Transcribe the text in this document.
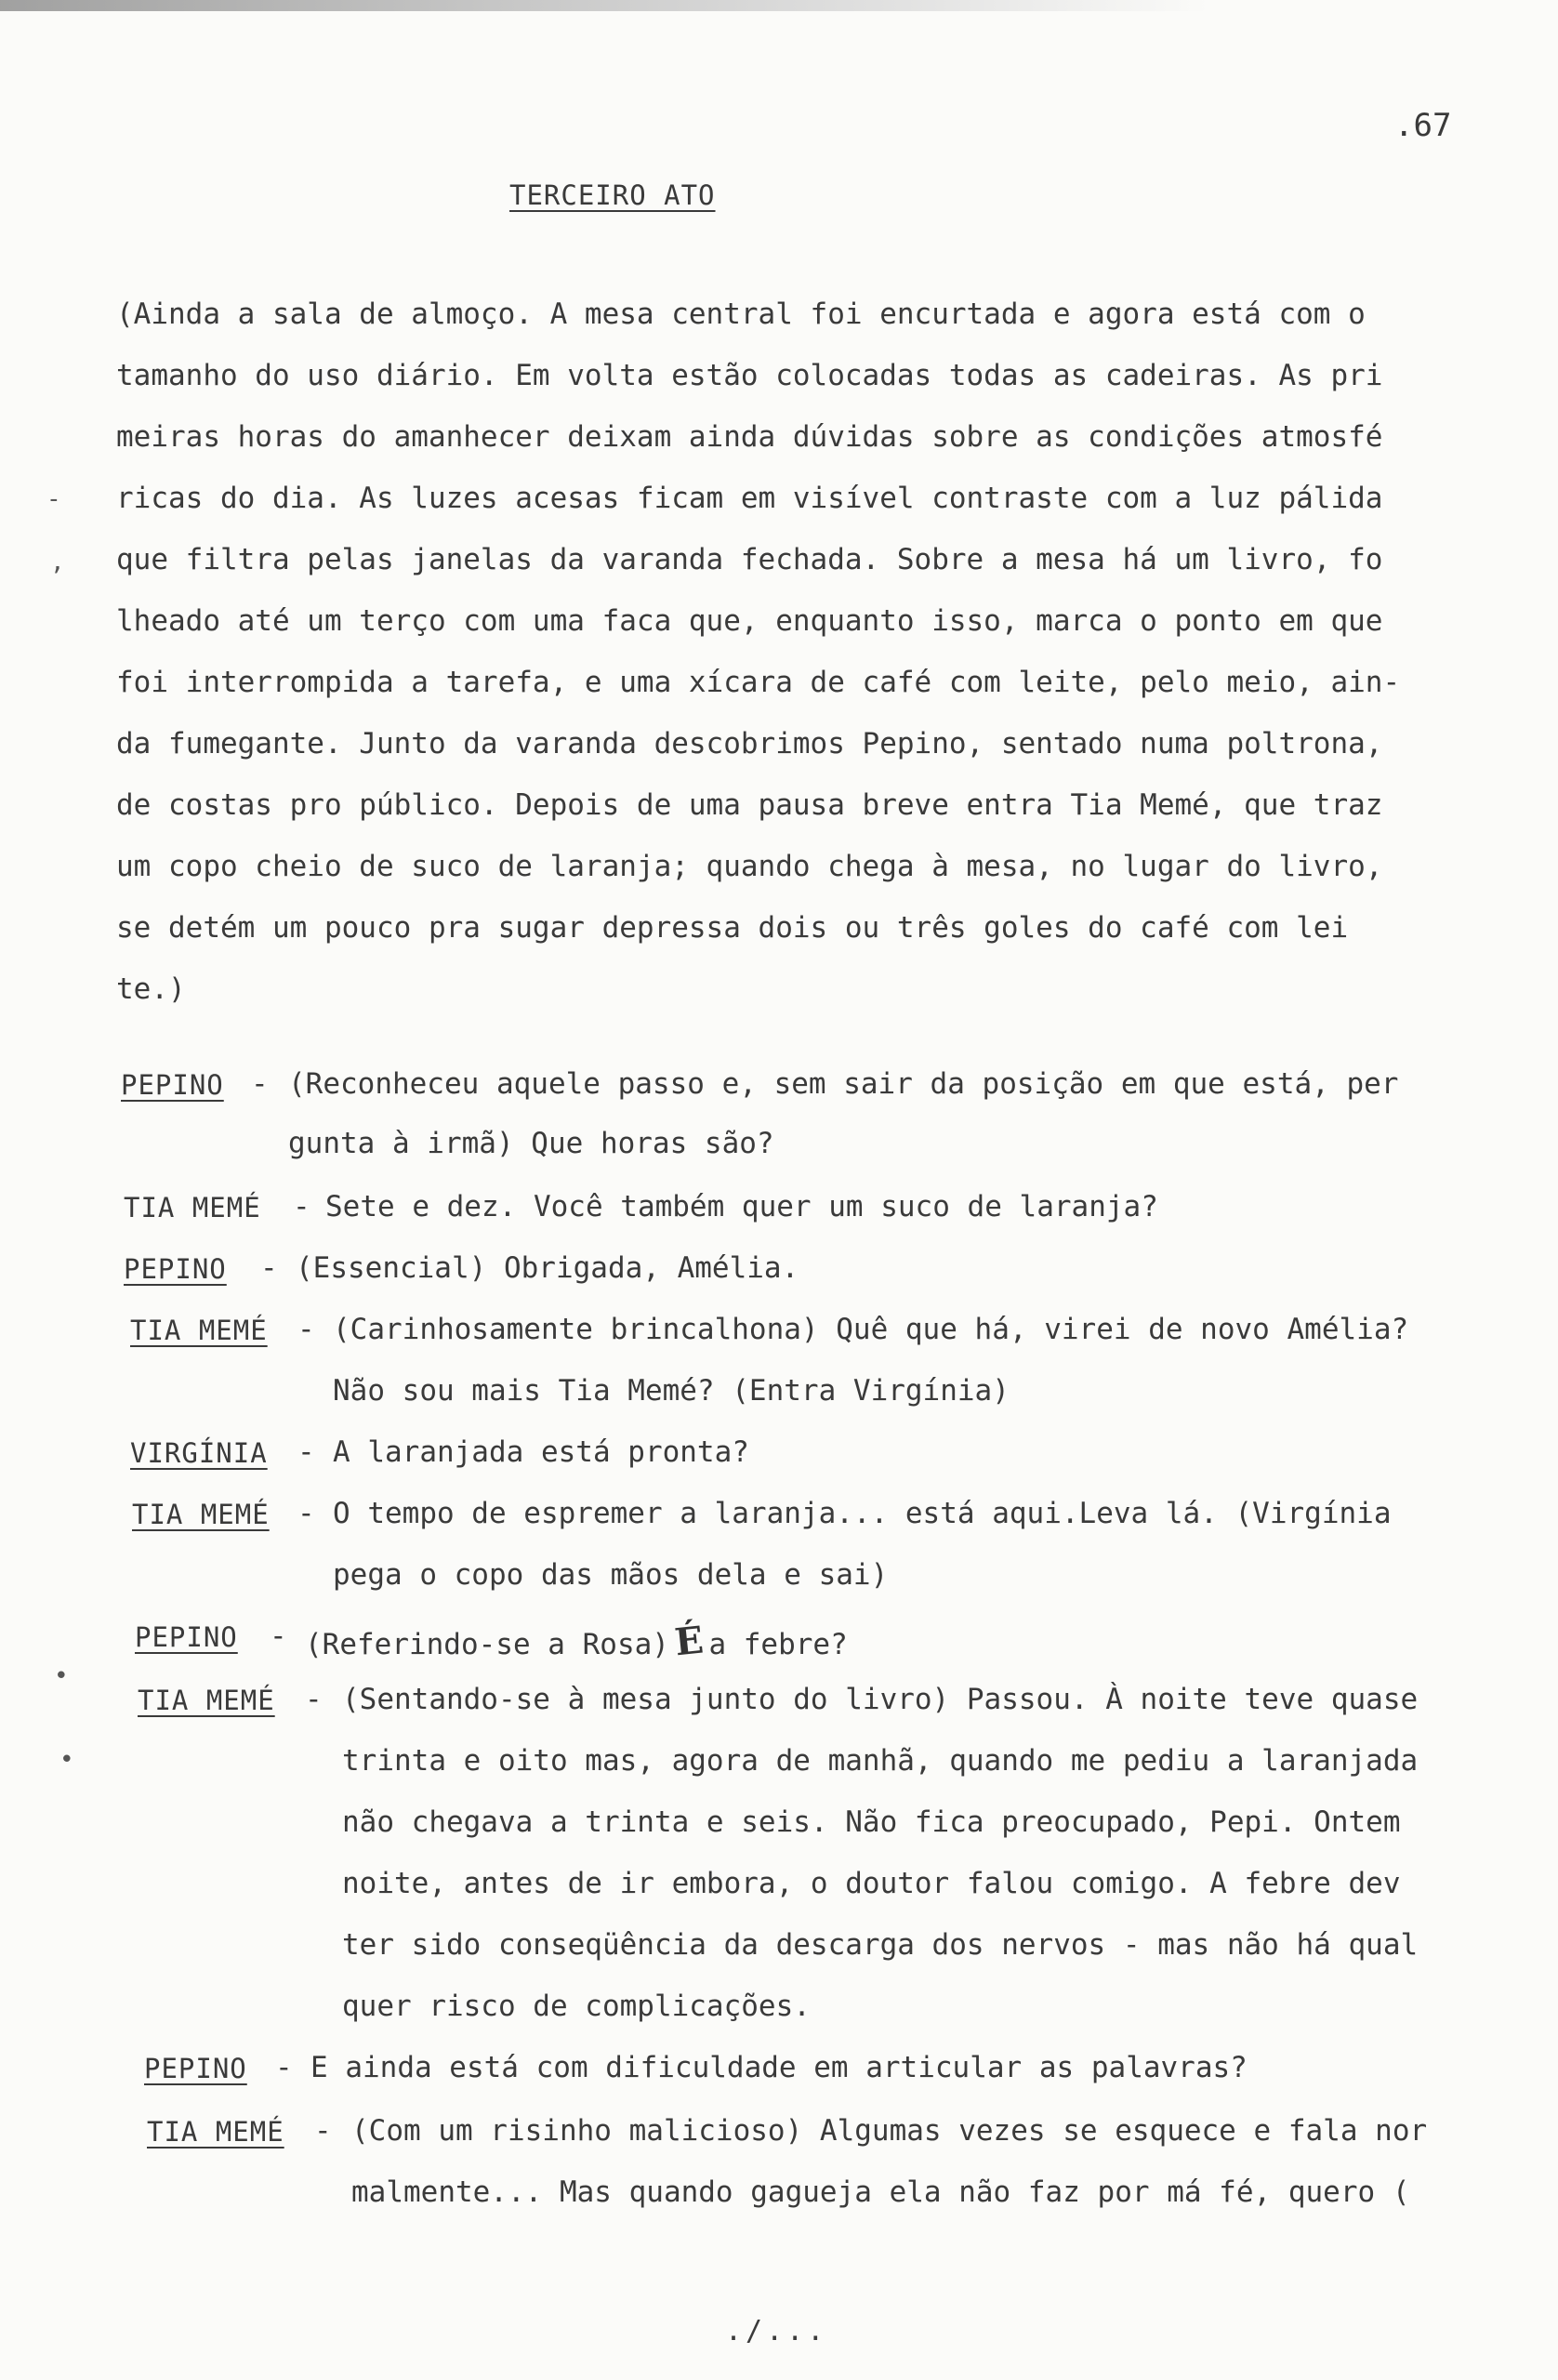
.67
TERCEIRO ATO
(Ainda a sala de almoço. A mesa central foi encurtada e agora está com o
tamanho do uso diário. Em volta estão colocadas todas as cadeiras. As pri
meiras horas do amanhecer deixam ainda dúvidas sobre as condições atmosfé
ricas do dia. As luzes acesas ficam em visível contraste com a luz pálida
que filtra pelas janelas da varanda fechada. Sobre a mesa há um livro, fo
lheado até um terço com uma faca que, enquanto isso, marca o ponto em que
foi interrompida a tarefa, e uma xícara de café com leite, pelo meio, ain-
da fumegante. Junto da varanda descobrimos Pepino, sentado numa poltrona,
de costas pro público. Depois de uma pausa breve entra Tia Memé, que traz
um copo cheio de suco de laranja; quando chega à mesa, no lugar do livro,
se detém um pouco pra sugar depressa dois ou três goles do café com lei
te.)
-
,
PEPINO - (Reconheceu aquele passo e, sem sair da posição em que está, per
gunta à irmã) Que horas são?
TIA MEMÉ - Sete e dez. Você também quer um suco de laranja?
PEPINO - (Essencial) Obrigada, Amélia.
TIA MEMÉ - (Carinhosamente brincalhona) Quê que há, virei de novo Amélia?
Não sou mais Tia Memé? (Entra Virgínia)
VIRGÍNIA - A laranjada está pronta?
TIA MEMÉ - O tempo de espremer a laranja... está aqui.Leva lá. (Virgínia
pega o copo das mãos dela e sai)
PEPINO - (Referindo-se a Rosa)É a febre?
•
TIA MEMÉ - (Sentando-se à mesa junto do livro) Passou. À noite teve quase
trinta e oito mas, agora de manhã, quando me pediu a laranjada
não chegava a trinta e seis. Não fica preocupado, Pepi. Ontem
noite, antes de ir embora, o doutor falou comigo. A febre dev
ter sido conseqüência da descarga dos nervos - mas não há qual
quer risco de complicações.
•
PEPINO - E ainda está com dificuldade em articular as palavras?
TIA MEMÉ - (Com um risinho malicioso) Algumas vezes se esquece e fala nor
malmente... Mas quando gagueja ela não faz por má fé, quero (
./...
